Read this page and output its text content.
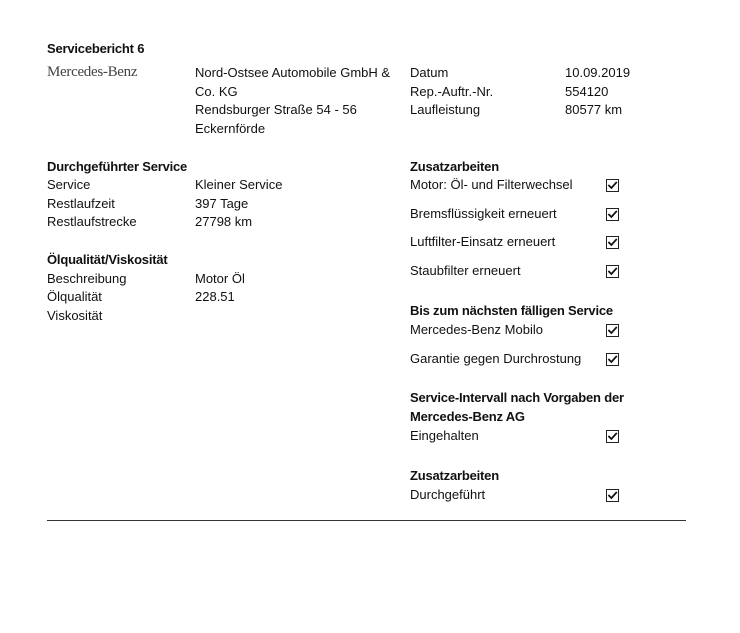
Servicebericht 6
Mercedes-Benz	Nord-Ostsee Automobile GmbH &
Co. KG
Rendsburger Straße 54 - 56
Eckernförde
Datum	10.09.2019
Rep.-Auftr.-Nr.	554120
Laufleistung	80577 km
Durchgeführter Service
Service	Kleiner Service
Restlaufzeit	397 Tage
Restlaufstrecke	27798 km
Ölqualität/Viskosität
Beschreibung	Motor Öl
Ölqualität	228.51
Viskosität
Zusatzarbeiten
Motor: Öl- und Filterwechsel
Bremsflüssigkeit erneuert
Luftfilter-Einsatz erneuert
Staubfilter erneuert
Bis zum nächsten fälligen Service
Mercedes-Benz Mobilo
Garantie gegen Durchrostung
Service-Intervall nach Vorgaben der
Mercedes-Benz AG
Eingehalten
Zusatzarbeiten
Durchgeführt
